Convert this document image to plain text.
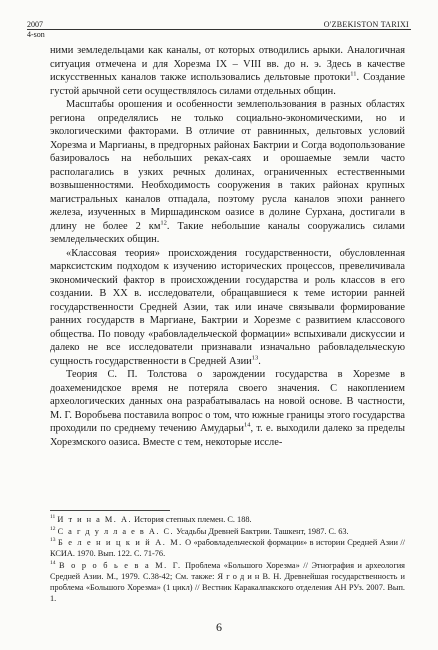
2007	O'ZBEKISTON TARIXI
4-son

ними земледельцами как каналы, от которых отводились арыки. Аналогичная ситуация отмечена и для Хорезма IX – VIII вв. до н. э. Здесь в качестве искусственных каналов также использовались дельтовые протоки$^{11}$. Создание густой арычной сети осуществлялось силами отдельных общин.

Масштабы орошения и особенности землепользования в разных областях региона определялись не только социально-экономическими, но и экологическими факторами. В отличие от равнинных, дельтовых условий Хорезма и Маргианы, в предгорных районах Бактрии и Согда водопользование базировалось на небольших реках-саях и орошаемые земли часто располагались в узких речных долинах, ограниченных естественными возвышенностями. Необходимость сооружения в таких районах крупных магистральных каналов отпадала, поэтому русла каналов эпохи раннего железа, изученных в Миршадинском оазисе в долине Сурхана, достигали в длину не более 2 $км^{12}$. Такие небольшие каналы сооружались силами земледельческих общин.

«Классовая теория» происхождения государственности, обусловленная марксистским подходом к изучению исторических процессов, превеличивала экономический фактор в происхождении государства и роль классов в его создании. В XX в. исследователи, обращавшиеся к теме истории ранней государственности Средней Азии, так или иначе связывали формирование ранних государств в Маргиане, Бактрии и Хорезме с развитием классового общества. По поводу «рабовладельческой формации» вспыхивали дискуссии и далеко не все исследователи признавали изначально рабовладельческую сущность государственности в Средней Азии$^{13}$.

Теория С. П. Толстова о зарождении государства в Хорезме в доахеменидское время не потеряла своего значения. С накоплением археологических данных она разрабатывалась на новой основе. В частности, М. Г. Воробьева поставила вопрос о том, что южные границы этого государства проходили по среднему течению Амударьи$^{14}$, т. е. выходили далеко за пределы Хорезмского оазиса. Вместе с тем, некоторые иссле-

$^{11}$ И т и н а М. А. История степных племен. С. 188.

$^{12}$ С а г д у л л а е в А. С. Усадьбы Древней Бактрии. Ташкент, 1987. С. 63.

$^{13}$ Б е л е н и ц к и й А. М. О «рабовладельческой формации» в истории Средней Азии // КСИА. 1970. Вып. 122. С. 71-76.

$^{14}$ В о р о б ь е в а М. Г. Проблема «Большого Хорезма» // Этнография и археология Средней Азии. М., 1979. С.38-42; См. также: Я г о д и н В. Н. Древнейшая государственность и проблема «Большого Хорезма» (1 цикл) // Вестник Каракалпакского отделения АН РУз. 2007. Вып. 1.

6
